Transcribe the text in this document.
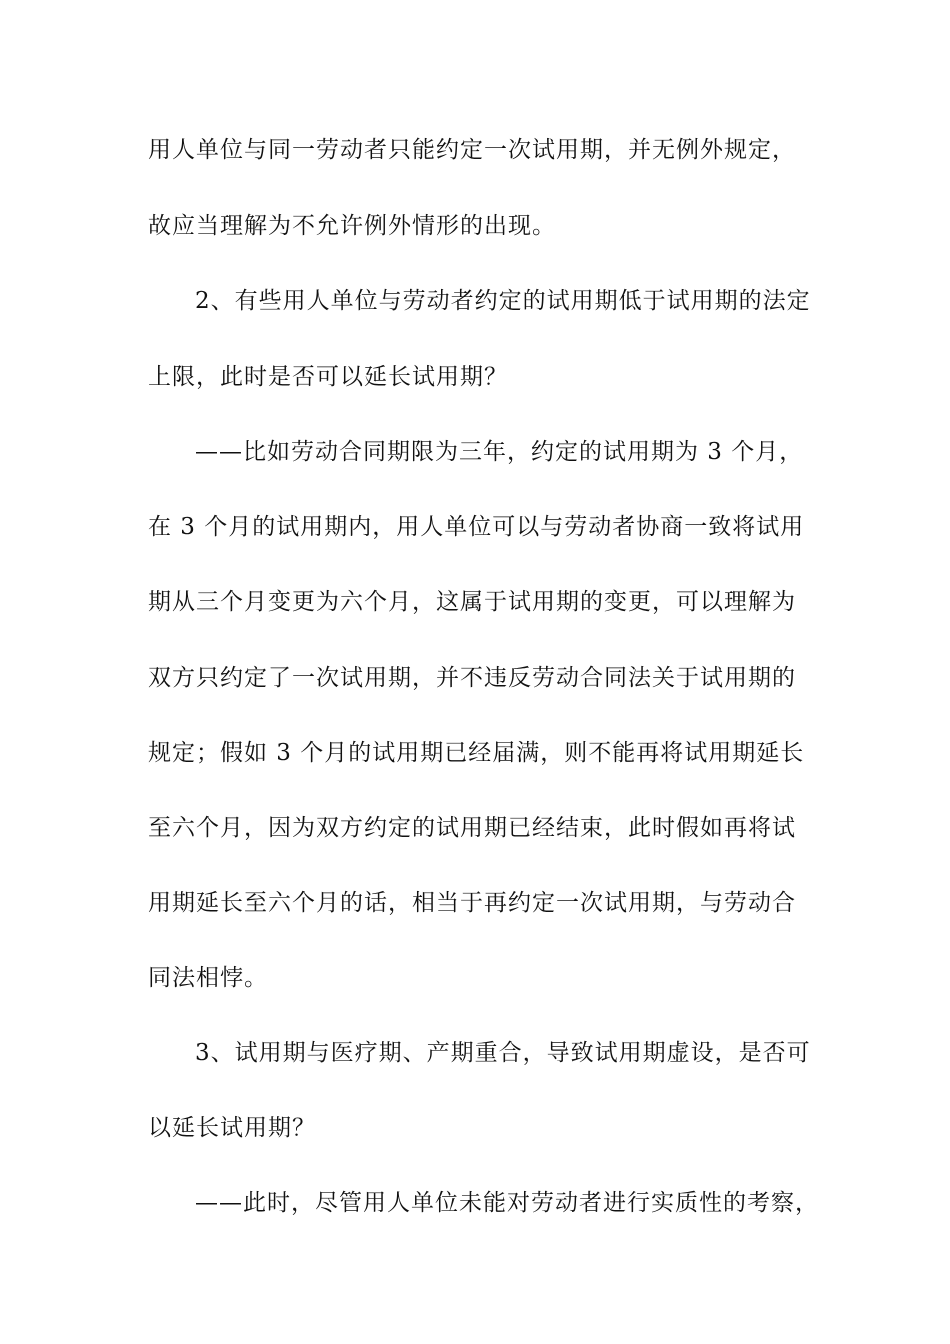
用人单位与同一劳动者只能约定一次试用期，并无例外规定，
故应当理解为不允许例外情形的出现。
2、有些用人单位与劳动者约定的试用期低于试用期的法定
上限，此时是否可以延长试用期？
——比如劳动合同期限为三年，约定的试用期为 3 个月，
在 3 个月的试用期内，用人单位可以与劳动者协商一致将试用
期从三个月变更为六个月，这属于试用期的变更，可以理解为
双方只约定了一次试用期，并不违反劳动合同法关于试用期的
规定；假如 3 个月的试用期已经届满，则不能再将试用期延长
至六个月，因为双方约定的试用期已经结束，此时假如再将试
用期延长至六个月的话，相当于再约定一次试用期，与劳动合
同法相悖。
3、试用期与医疗期、产期重合，导致试用期虚设，是否可
以延长试用期？
——此时，尽管用人单位未能对劳动者进行实质性的考察，
